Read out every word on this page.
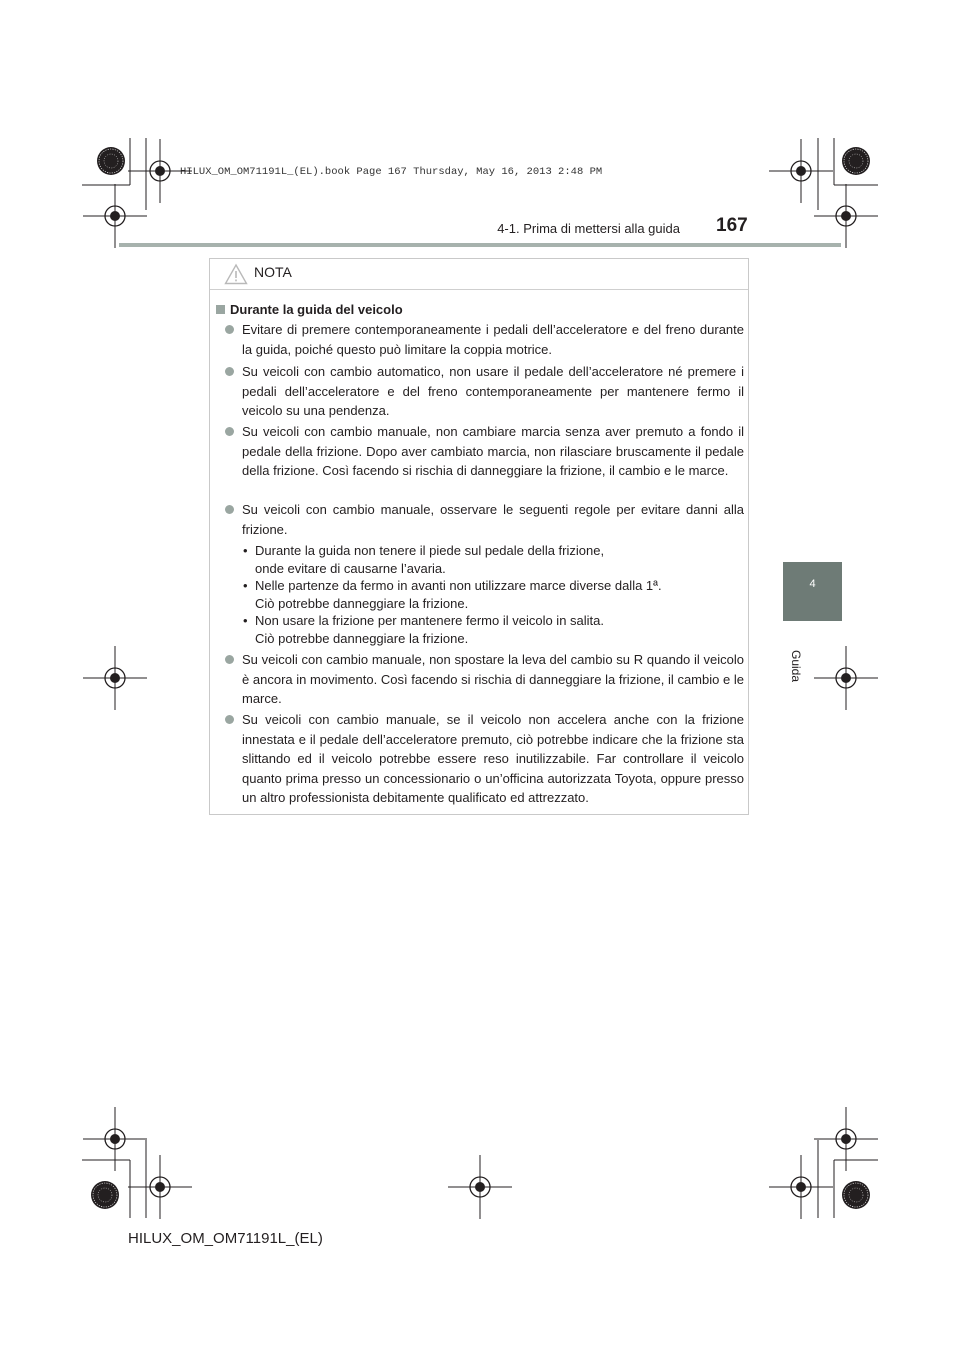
HILUX_OM_OM71191L_(EL).book Page 167 Thursday, May 16, 2013 2:48 PM
4-1. Prima di mettersi alla guida 167
4
Guida
NOTA
Durante la guida del veicolo
Evitare di premere contemporaneamente i pedali dell’acceleratore e del freno durante la guida, poiché questo può limitare la coppia motrice.
Su veicoli con cambio automatico, non usare il pedale dell’acceleratore né premere i pedali dell’acceleratore e del freno contemporaneamente per mantenere fermo il veicolo su una pendenza.
Su veicoli con cambio manuale, non cambiare marcia senza aver premuto a fondo il pedale della frizione. Dopo aver cambiato marcia, non rilasciare bruscamente il pedale della frizione. Così facendo si rischia di danneggiare la frizione, il cambio e le marce.
Su veicoli con cambio manuale, osservare le seguenti regole per evitare danni alla frizione.
• Durante la guida non tenere il piede sul pedale della frizione,
onde evitare di causarne l’avaria.
• Nelle partenze da fermo in avanti non utilizzare marce diverse dalla 1ª.
Ciò potrebbe danneggiare la frizione.
• Non usare la frizione per mantenere fermo il veicolo in salita.
Ciò potrebbe danneggiare la frizione.
Su veicoli con cambio manuale, non spostare la leva del cambio su R quando il veicolo è ancora in movimento. Così facendo si rischia di danneggiare la frizione, il cambio e le marce.
Su veicoli con cambio manuale, se il veicolo non accelera anche con la frizione innestata e il pedale dell’acceleratore premuto, ciò potrebbe indicare che la frizione sta slittando ed il veicolo potrebbe essere reso inutilizzabile. Far controllare il veicolo quanto prima presso un concessionario o un’officina autorizzata Toyota, oppure presso un altro professionista debitamente qualificato ed attrezzato.
HILUX_OM_OM71191L_(EL)
